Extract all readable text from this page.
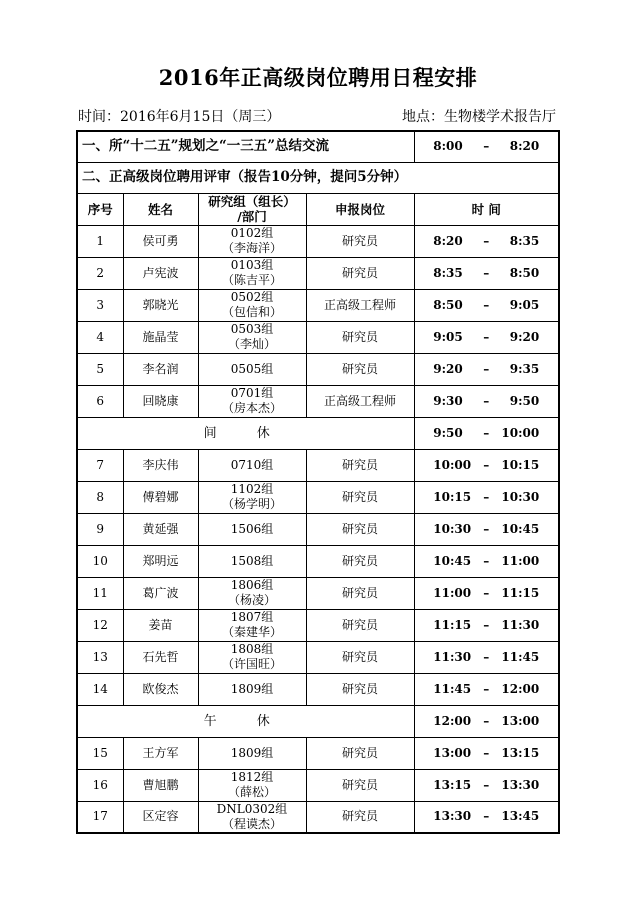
2016年正高级岗位聘用日程安排
时间：2016年6月15日（周三）	地点：生物楼学术报告厅
一、所“十二五”规划之“一三五”总结交流				8:00 – 8:20
二、正高级岗位聘用评审（报告10分钟，提问5分钟）				
序号	姓名	研究组（组长）
/部门	申报岗位	时 间
1	侯可勇	0102组
（李海洋）	研究员	8:20 – 8:35
2	卢宪波	0103组
（陈吉平）	研究员	8:35 – 8:50
3	郭晓光	0502组
（包信和）	正高级工程师	8:50 – 9:05
4	施晶莹	0503组
（李灿）	研究员	9:05 – 9:20
5	李名润	0505组	研究员	9:20 – 9:35
6	回晓康	0701组
（房本杰）	正高级工程师	9:30 – 9:50
间 休				9:50 – 10:00
7	李庆伟	0710组	研究员	10:00 – 10:15
8	傅碧娜	1102组
（杨学明）	研究员	10:15 – 10:30
9	黄延强	1506组	研究员	10:30 – 10:45
10	郑明远	1508组	研究员	10:45 – 11:00
11	葛广波	1806组
（杨凌）	研究员	11:00 – 11:15
12	姜苗	1807组
（秦建华）	研究员	11:15 – 11:30
13	石先哲	1808组
（许国旺）	研究员	11:30 – 11:45
14	欧俊杰	1809组	研究员	11:45 – 12:00
午 休				12:00 – 13:00
15	王方军	1809组	研究员	13:00 – 13:15
16	曹旭鹏	1812组
（薛松）	研究员	13:15 – 13:30
17	区定容	DNL0302组
（程谟杰）	研究员	13:30 – 13:45
